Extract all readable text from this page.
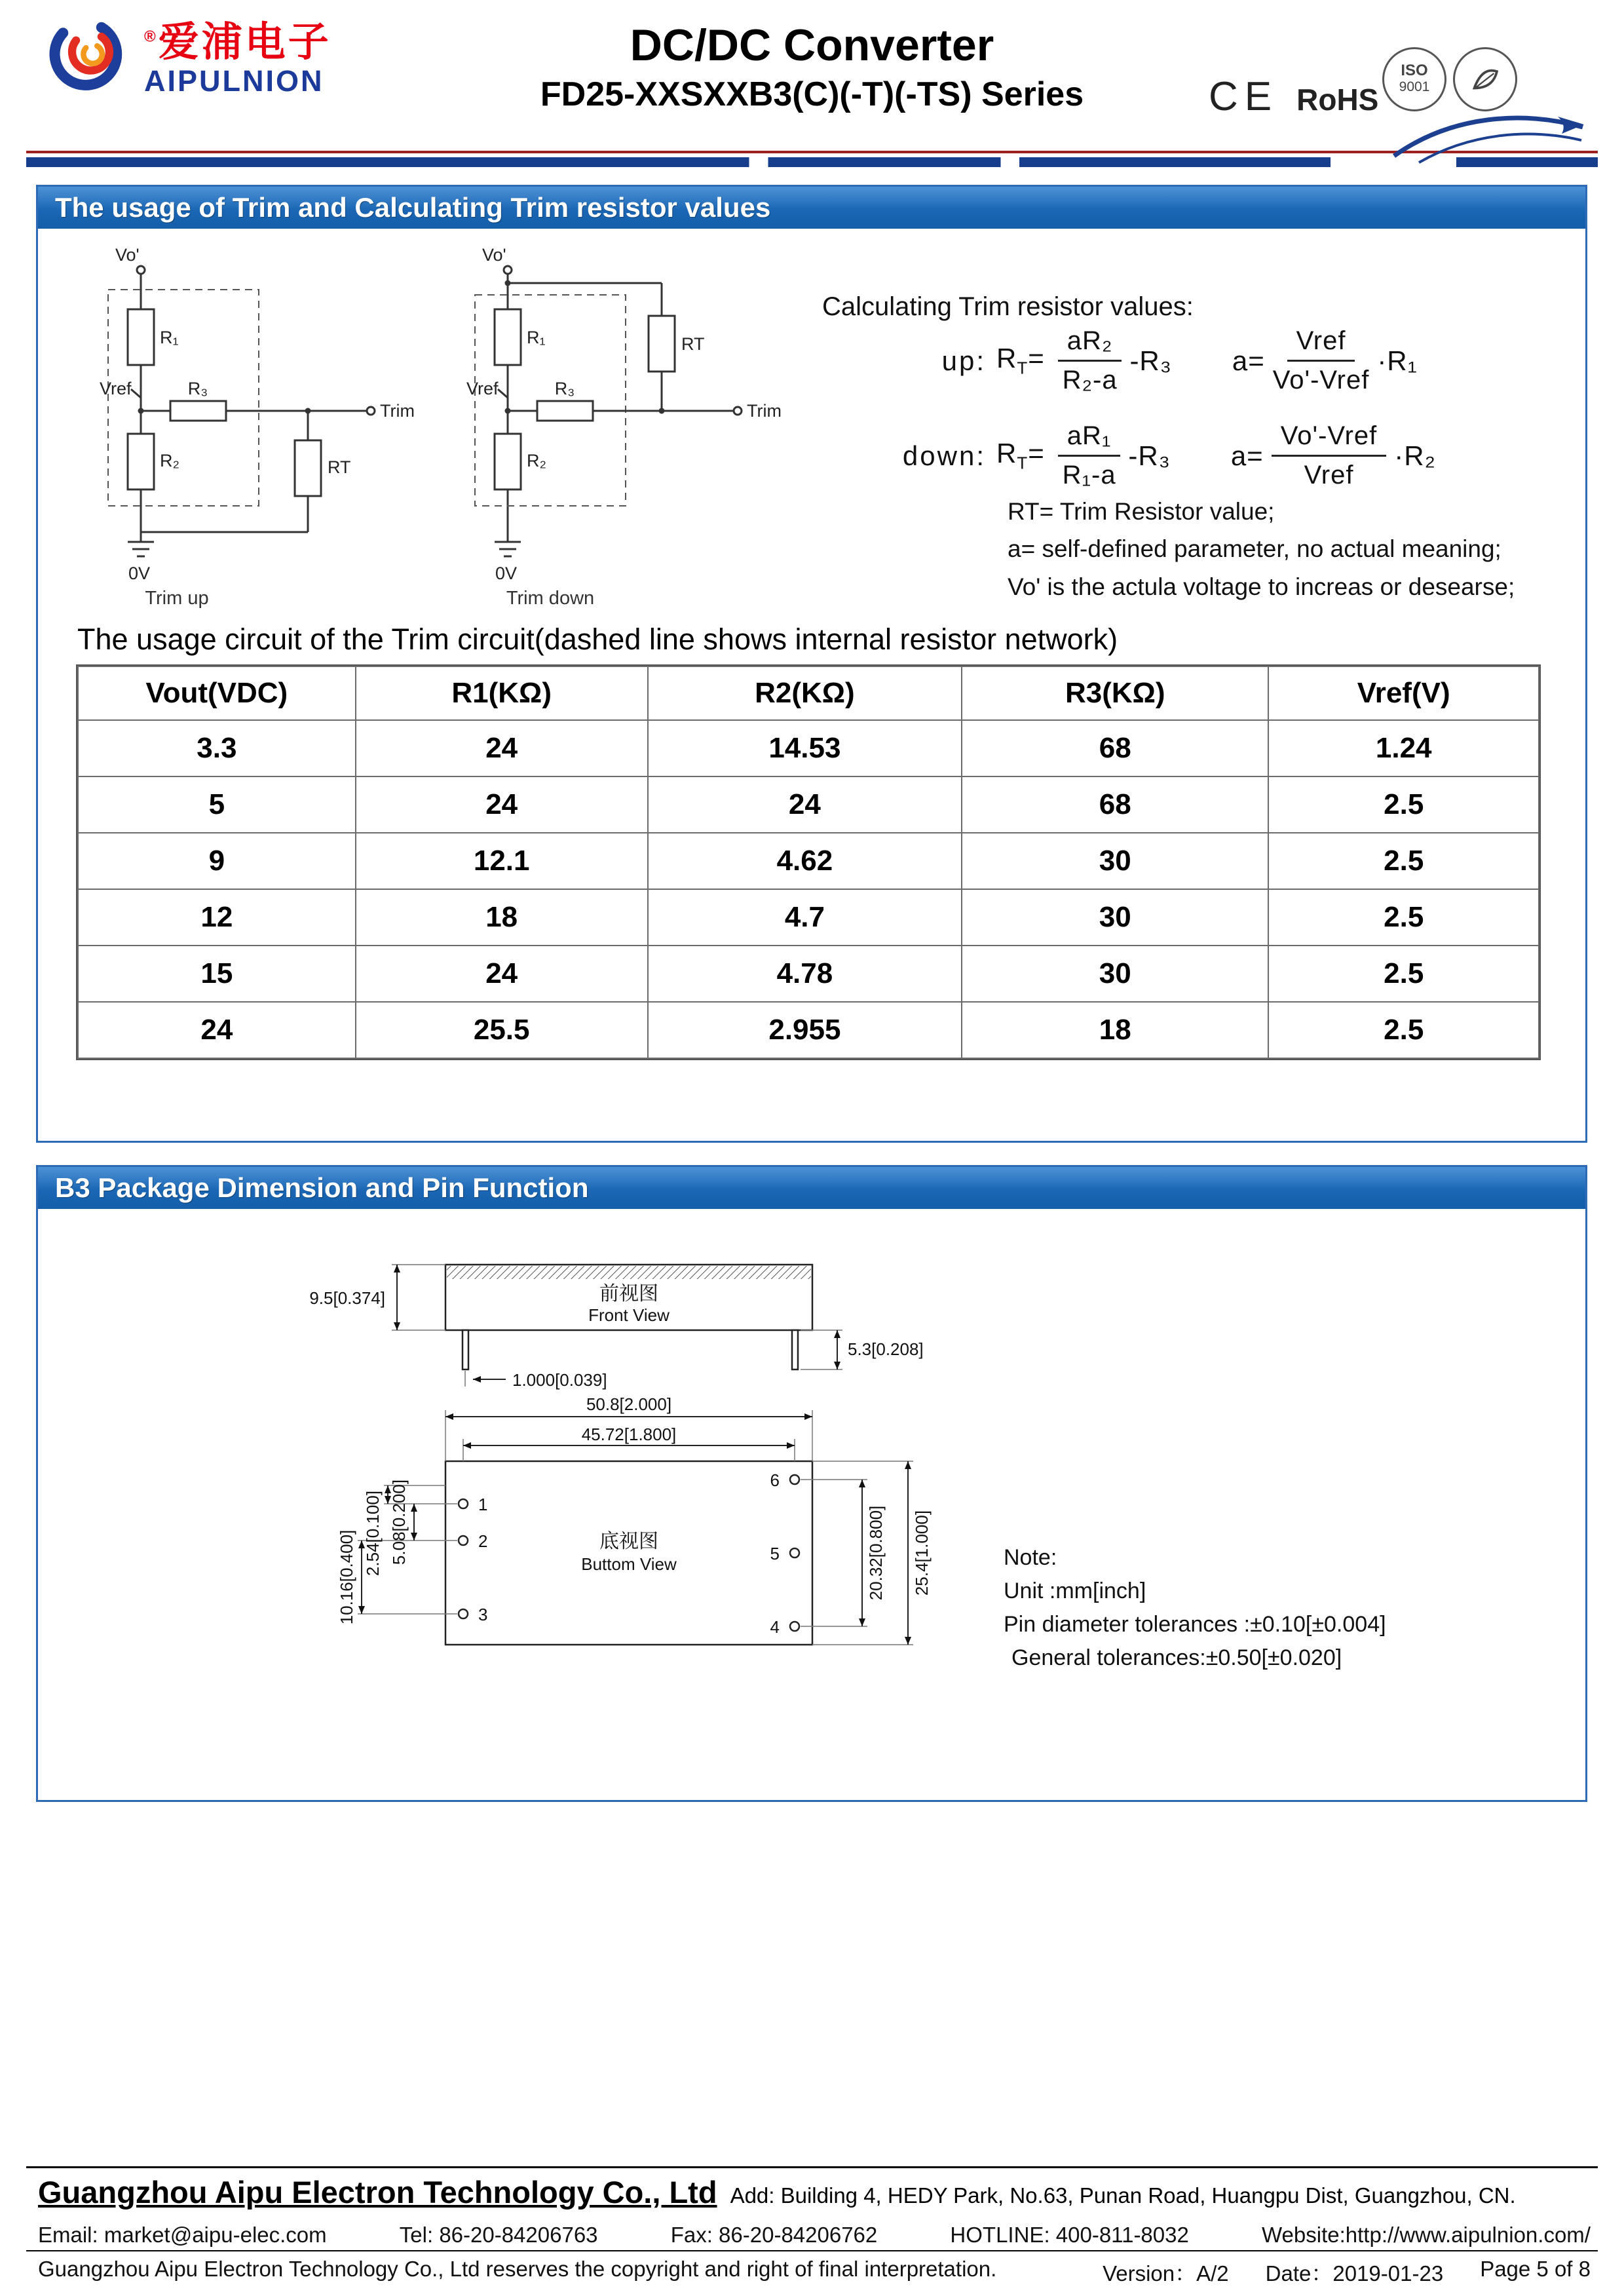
®爱浦电子
AIPULNION
DC/DC Converter
FD25-XXSXXB3(C)(-T)(-TS) Series	CE RoHS
ISO
9001
The usage of Trim and Calculating Trim resistor values
Vo'
R₁
Vref	R₃
Trim
R₂	RT
0V
Trim up
Vo'
RT
R₁
Vref	R₃
Trim
R₂
0V
Trim down
Calculating Trim resistor values:
up: $R_T= \frac{\text{aR₂}}{\text{R₂-a}} -R_3$ $a= \frac{\text{Vref}}{\text{Vo'-Vref}} \cdot R_1$
down: $R_T= \frac{\text{aR₁}}{\text{R₁-a}} -R_3$ $a= \frac{\text{Vo'-Vref}}{\text{Vref}} \cdot R_2$
RT= Trim Resistor value;
a= self-defined parameter, no actual meaning;
Vo' is the actula voltage to increas or desearse;
The usage circuit of the Trim circuit(dashed line shows internal resistor network)
Vout(VDC)	R1(KΩ)	R2(KΩ)	R3(KΩ)	Vref(V)
3.3	24	14.53	68	1.24
5	24	24	68	2.5
9	12.1	4.62	30	2.5
12	18	4.7	30	2.5
15	24	4.78	30	2.5
24	25.5	2.955	18	2.5
B3 Package Dimension and Pin Function
前视图
Front View
9.5[0.374]
1.000[0.039]
5.3[0.208]
底视图
Buttom View
50.8[2.000]
45.72[1.800]
1
2
3
6
5
4
5.08[0.200]
2.54[0.100]
10.16[0.400]	20.32[0.800] 25.4[1.000]	Note:
Unit :mm[inch]
Pin diameter tolerances :±0.10[±0.004]
General tolerances:±0.50[±0.020]
Guangzhou Aipu Electron Technology Co., Ltd Add: Building 4, HEDY Park, No.63, Punan Road, Huangpu Dist, Guangzhou, CN.
Email: market@aipu-elec.com	Tel: 86-20-84206763	Fax: 86-20-84206762	HOTLINE: 400-811-8032	Website:http://www.aipulnion.com/
Guangzhou Aipu Electron Technology Co., Ltd reserves the copyright and right of final interpretation.	Version：A/2 Date：2019-01-23 Page 5 of 8
